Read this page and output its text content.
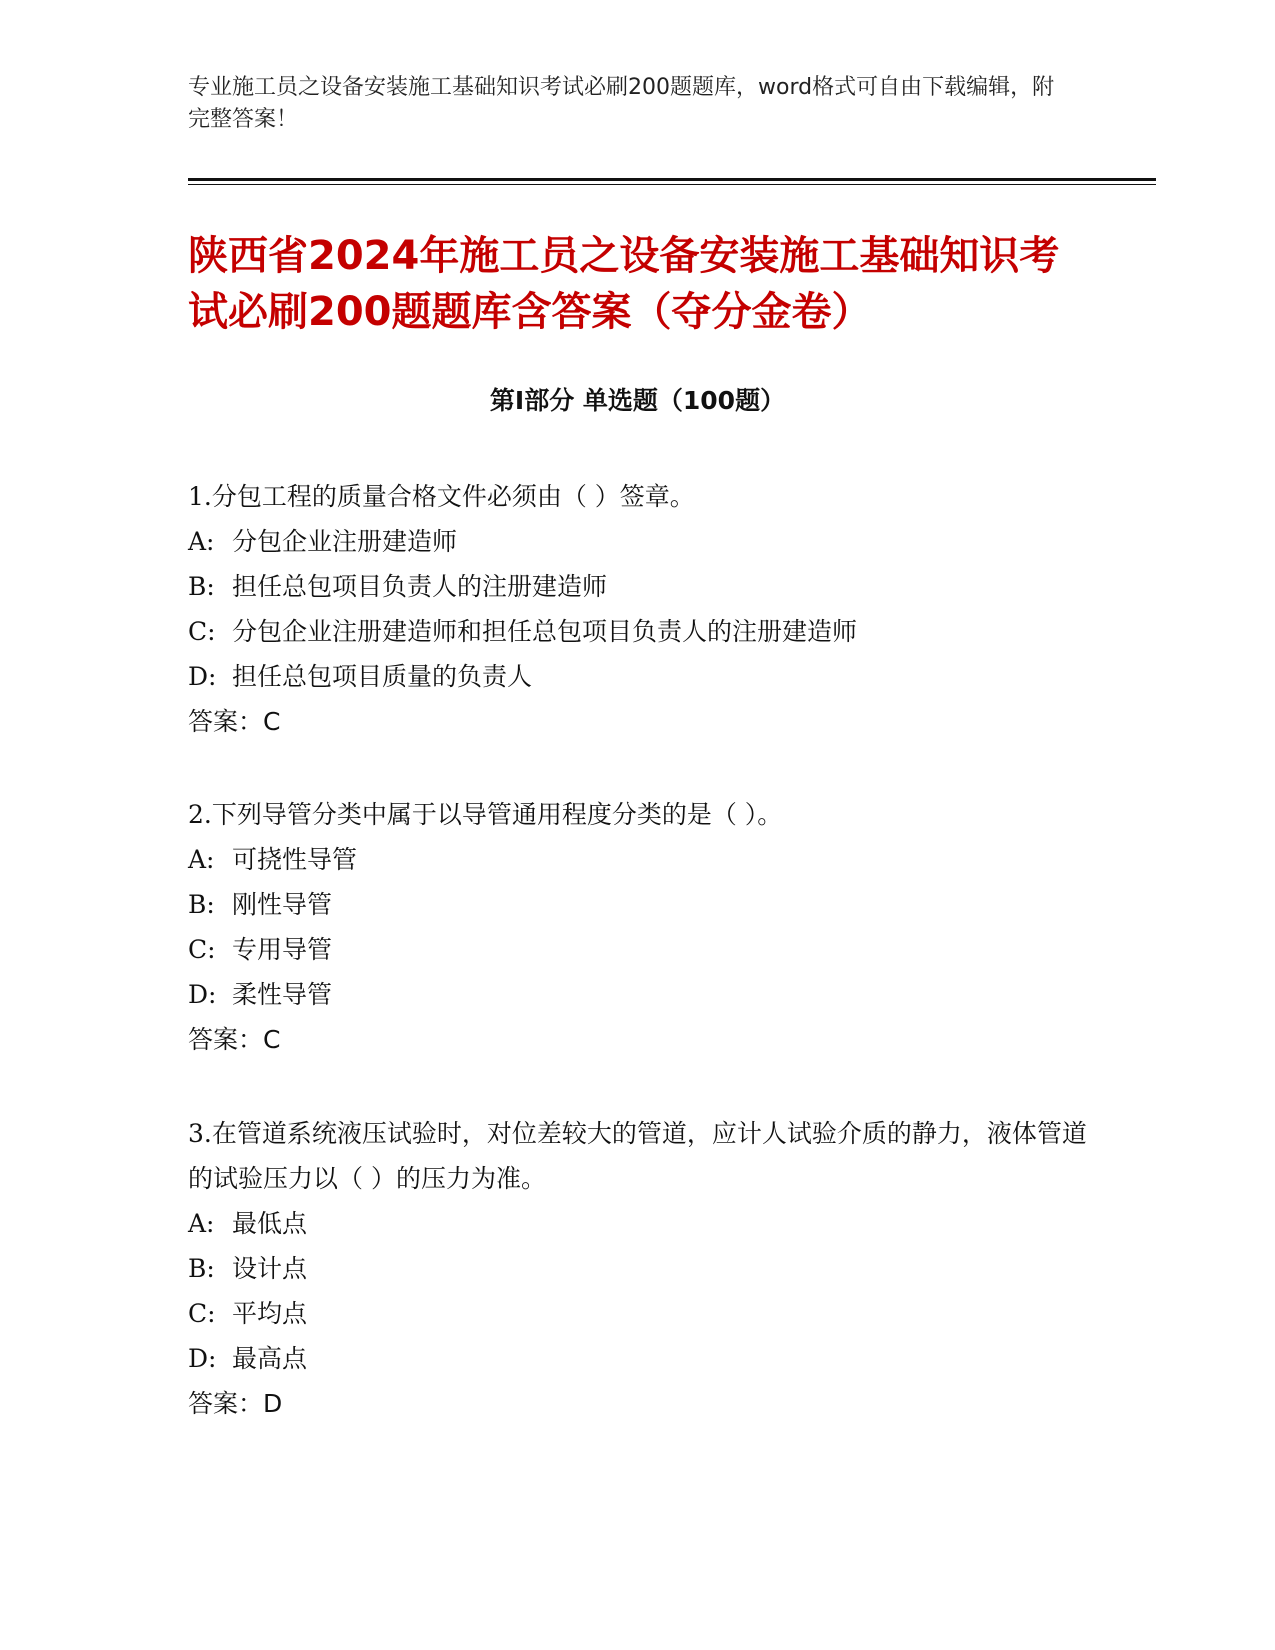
专业施工员之设备安装施工基础知识考试必刷200题题库，word格式可自由下载编辑，附完整答案！
陕西省2024年施工员之设备安装施工基础知识考试必刷200题题库含答案（夺分金卷）
第Ⅰ部分 单选题（100题）

1.分包工程的质量合格文件必须由（ ）签章。

A: 分包企业注册建造师

B: 担任总包项目负责人的注册建造师

C: 分包企业注册建造师和担任总包项目负责人的注册建造师

D: 担任总包项目质量的负责人

答案：C

2.下列导管分类中属于以导管通用程度分类的是（ ）。

A: 可挠性导管

B: 刚性导管

C: 专用导管

D: 柔性导管

答案：C

3.在管道系统液压试验时，对位差较大的管道，应计人试验介质的静力，液体管道的试验压力以（ ）的压力为准。

A: 最低点

B: 设计点

C: 平均点

D: 最高点

答案：D
